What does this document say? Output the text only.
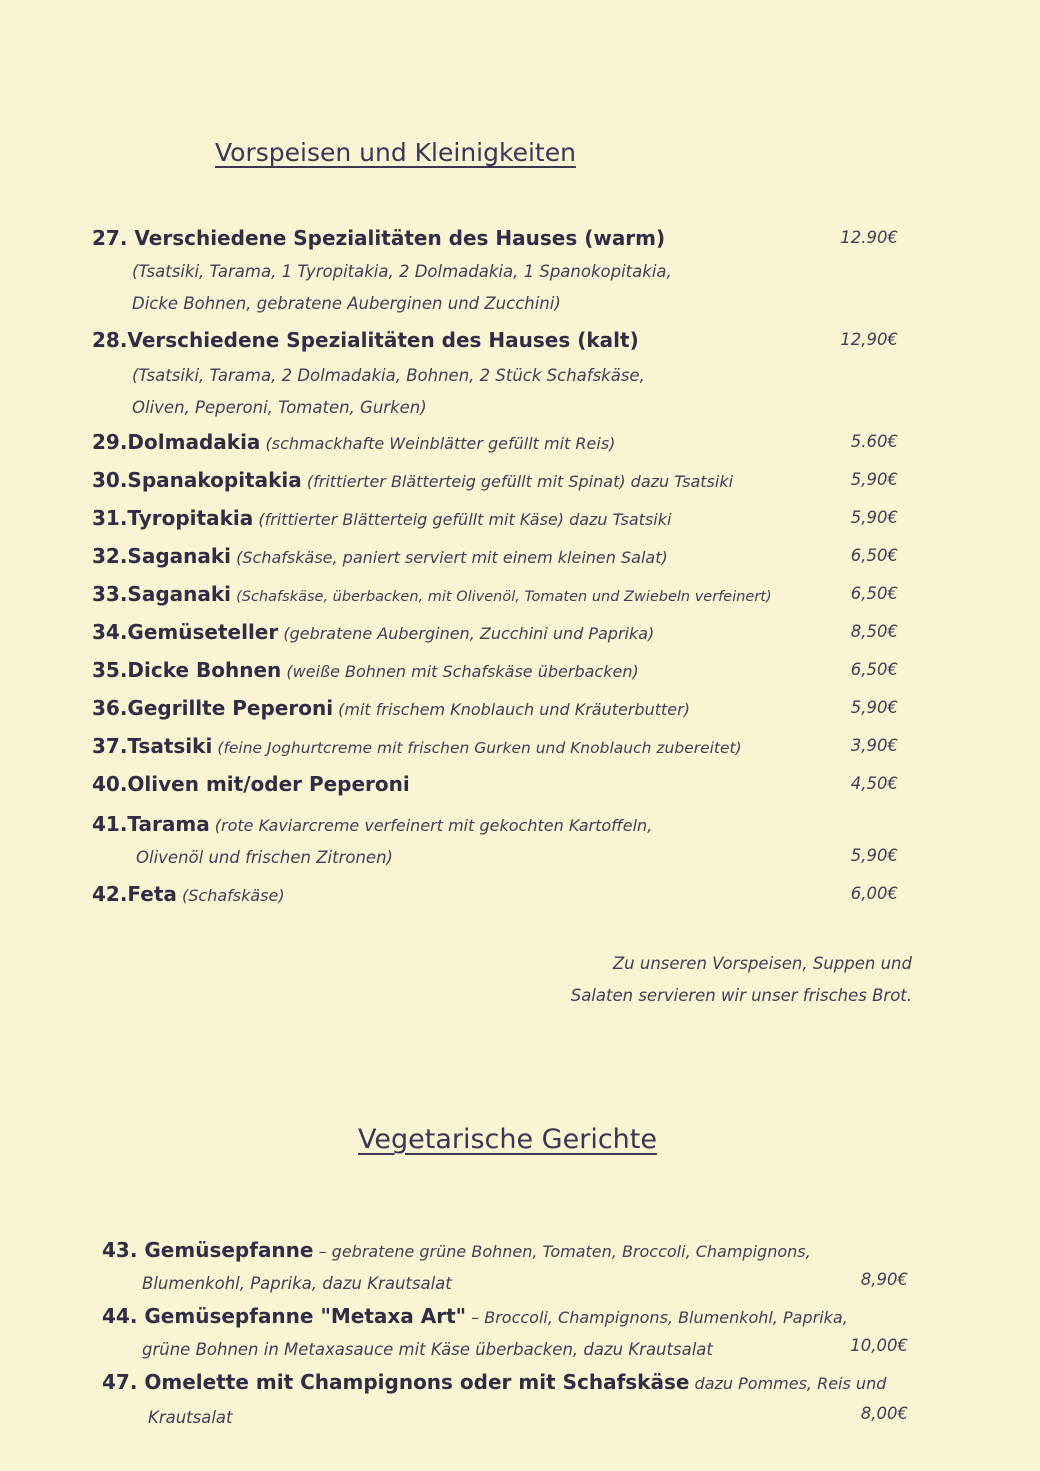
Vorspeisen und Kleinigkeiten
27. Verschiedene Spezialitäten des Hauses (warm)	12.90€
(Tsatsiki, Tarama, 1 Tyropitakia, 2 Dolmadakia, 1 Spanokopitakia,
Dicke Bohnen, gebratene Auberginen und Zucchini)
28.Verschiedene Spezialitäten des Hauses (kalt)	12,90€
(Tsatsiki, Tarama, 2 Dolmadakia, Bohnen, 2 Stück Schafskäse,
Oliven, Peperoni, Tomaten, Gurken)
29.Dolmadakia (schmackhafte Weinblätter gefüllt mit Reis)	5.60€
30.Spanakopitakia (frittierter Blätterteig gefüllt mit Spinat) dazu Tsatsiki	5,90€
31.Tyropitakia (frittierter Blätterteig gefüllt mit Käse) dazu Tsatsiki	5,90€
32.Saganaki (Schafskäse, paniert serviert mit einem kleinen Salat)	6,50€
33.Saganaki (Schafskäse, überbacken, mit Olivenöl, Tomaten und Zwiebeln verfeinert)	6,50€
34.Gemüseteller (gebratene Auberginen, Zucchini und Paprika)	8,50€
35.Dicke Bohnen (weiße Bohnen mit Schafskäse überbacken)	6,50€
36.Gegrillte Peperoni (mit frischem Knoblauch und Kräuterbutter)	5,90€
37.Tsatsiki (feine Joghurtcreme mit frischen Gurken und Knoblauch zubereitet)	3,90€
40.Oliven mit/oder Peperoni	4,50€
41.Tarama (rote Kaviarcreme verfeinert mit gekochten Kartoffeln,
Olivenöl und frischen Zitronen)	5,90€
42.Feta (Schafskäse)	6,00€
Zu unseren Vorspeisen, Suppen und
Salaten servieren wir unser frisches Brot.
Vegetarische Gerichte
43. Gemüsepfanne – gebratene grüne Bohnen, Tomaten, Broccoli, Champignons,
Blumenkohl, Paprika, dazu Krautsalat	8,90€
44. Gemüsepfanne "Metaxa Art" – Broccoli, Champignons, Blumenkohl, Paprika,
grüne Bohnen in Metaxasauce mit Käse überbacken, dazu Krautsalat	10,00€
47. Omelette mit Champignons oder mit Schafskäse dazu Pommes, Reis und
Krautsalat	8,00€
